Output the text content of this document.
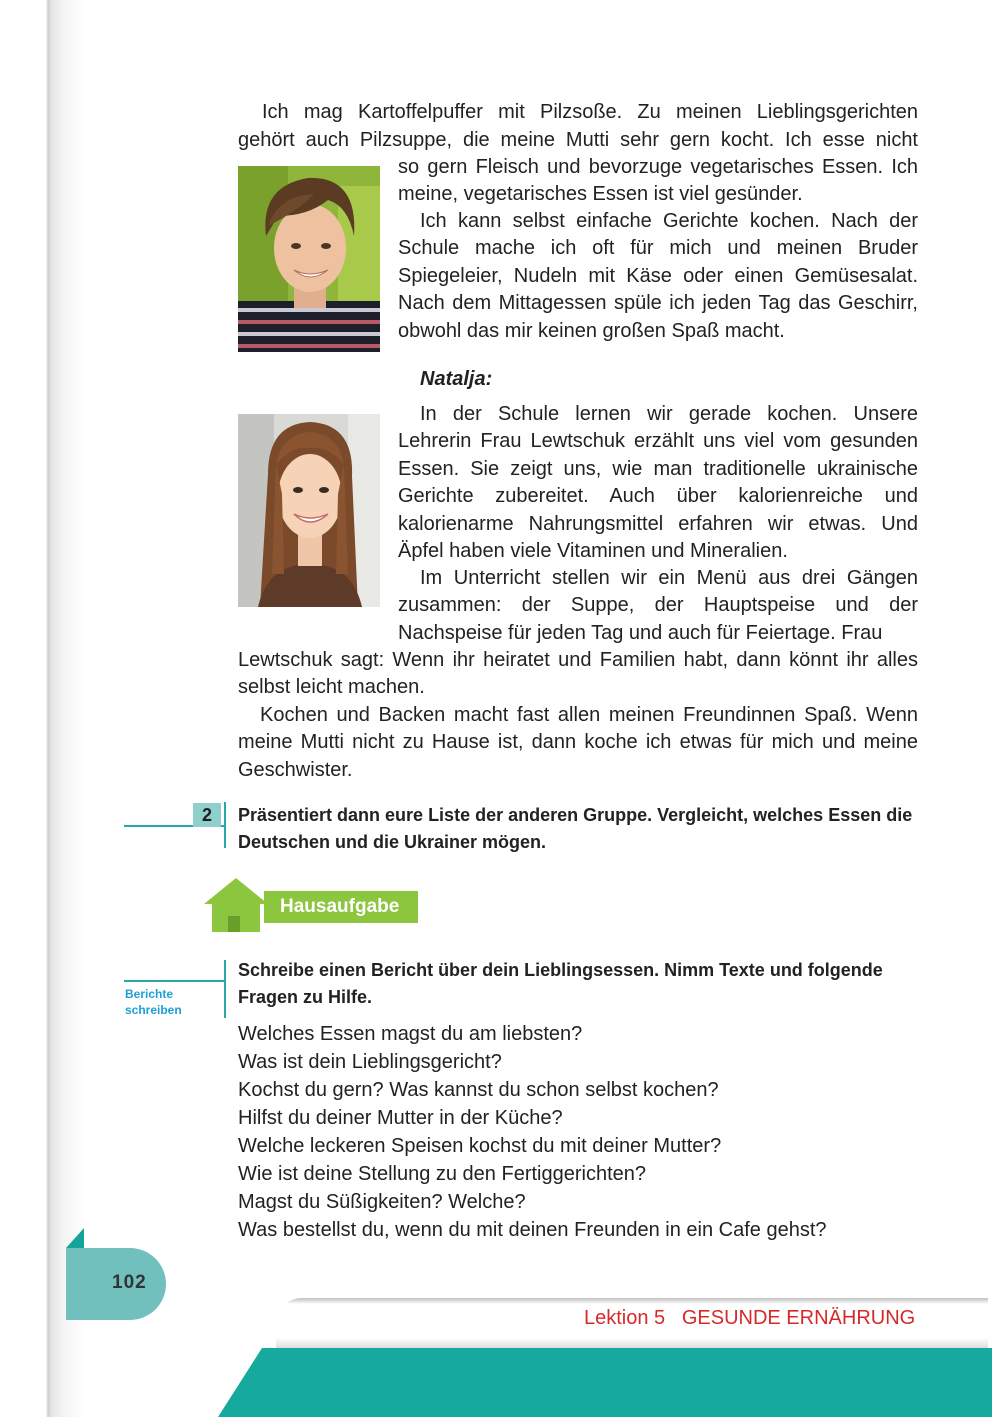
Ich mag Kartoffelpuffer mit Pilzsoße. Zu meinen Lieblingsgerichten

gehört auch Pilzsuppe, die meine Mutti sehr gern kocht. Ich esse nicht

so gern Fleisch und bevorzuge vegetarisches Essen. Ich meine, vegetarisches Essen ist viel gesünder.

Ich kann selbst einfache Gerichte kochen. Nach der Schule mache ich oft für mich und meinen Bruder Spiegeleier, Nudeln mit Käse oder einen Gemüsesalat. Nach dem Mittagessen spüle ich jeden Tag das Geschirr, obwohl das mir keinen großen Spaß macht.

Natalja:

In der Schule lernen wir gerade kochen. Unsere Lehrerin Frau Lewtschuk erzählt uns viel vom gesunden Essen. Sie zeigt uns, wie man traditionelle ukrainische Gerichte zubereitet. Auch über kalorienreiche und kalorienarme Nahrungsmittel erfahren wir etwas. Und Äpfel haben viele Vitaminen und Mineralien.

Im Unterricht stellen wir ein Menü aus drei Gängen zusammen: der Suppe, der Hauptspeise und der Nachspeise für jeden Tag und auch für Feiertage. Frau

Lewtschuk sagt: Wenn ihr heiratet und Familien habt, dann könnt ihr alles selbst leicht machen.

Kochen und Backen macht fast allen meinen Freundinnen Spaß. Wenn meine Mutti nicht zu Hause ist, dann koche ich etwas für mich und meine Geschwister.

2	Präsentiert dann eure Liste der anderen Gruppe. Vergleicht, welches Essen die Deutschen und die Ukrainer mögen.

Hausaufgabe
Berichte
schreiben

Schreibe einen Bericht über dein Lieblingsessen. Nimm Texte und folgende Fragen zu Hilfe.

Welches Essen magst du am liebsten?
Was ist dein Lieblingsgericht?
Kochst du gern? Was kannst du schon selbst kochen?
Hilfst du deiner Mutter in der Küche?
Welche leckeren Speisen kochst du mit deiner Mutter?
Wie ist deine Stellung zu den Fertiggerichten?
Magst du Süßigkeiten? Welche?
Was bestellst du, wenn du mit deinen Freunden in ein Cafe gehst?
102
Lektion 5 GESUNDE ERNÄHRUNG
